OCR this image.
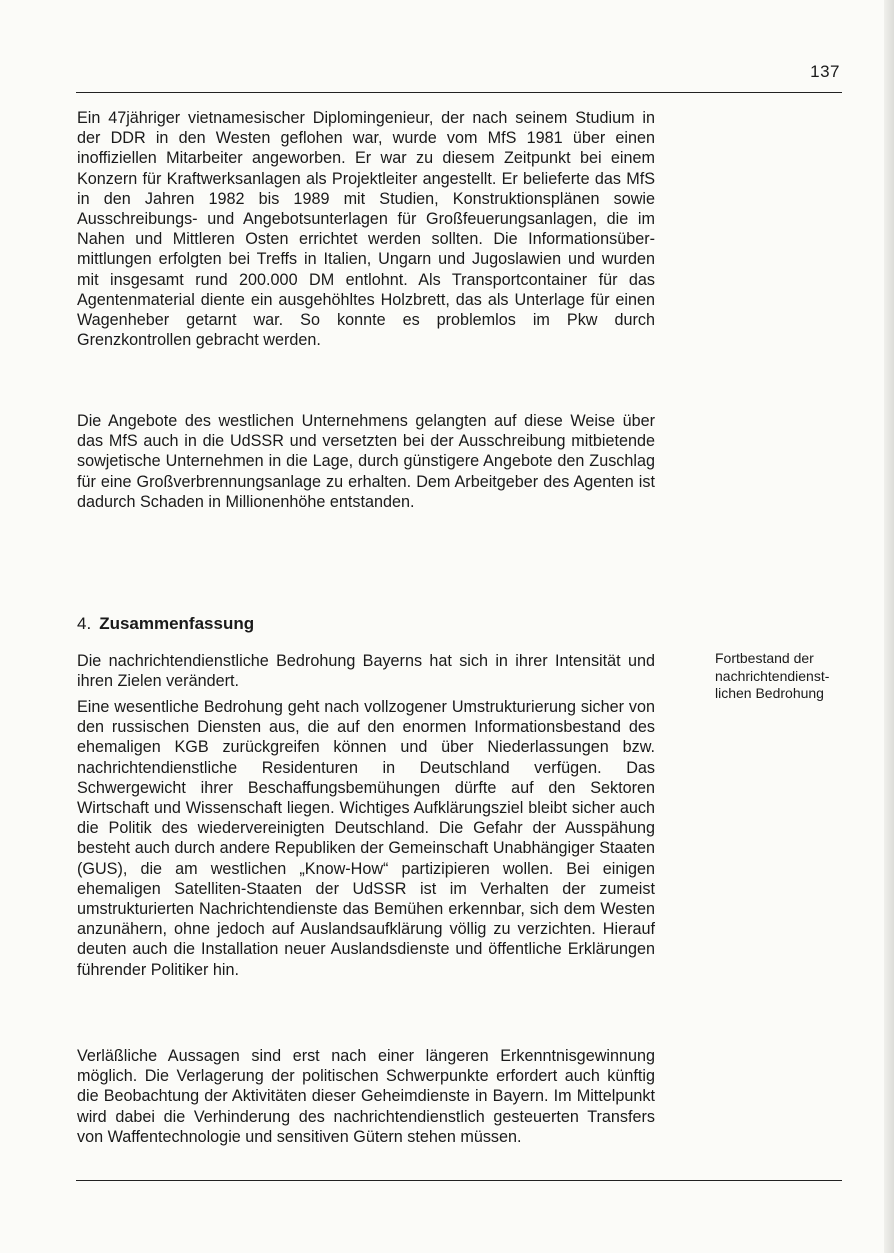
137

Ein 47jähriger vietnamesischer Diplomingenieur, der nach seinem Studium in der DDR in den Westen geflohen war, wurde vom MfS 1981 über einen inoffiziellen Mitarbeiter angeworben. Er war zu diesem Zeitpunkt bei einem Konzern für Kraftwerksanlagen als Projektleiter angestellt. Er belieferte das MfS in den Jahren 1982 bis 1989 mit Studien, Konstruktionsplänen sowie Ausschreibungs- und Angebotsunterlagen für Großfeuerungsanlagen, die im Nahen und Mittleren Osten errichtet werden sollten. Die Informationsübermittlungen erfolgten bei Treffs in Italien, Ungarn und Jugoslawien und wurden mit insgesamt rund 200.000 DM entlohnt. Als Transportcontainer für das Agentenmaterial diente ein ausgehöhltes Holzbrett, das als Unterlage für einen Wagenheber getarnt war. So konnte es problemlos im Pkw durch Grenzkontrollen gebracht werden.

Die Angebote des westlichen Unternehmens gelangten auf diese Weise über das MfS auch in die UdSSR und versetzten bei der Ausschreibung mitbietende sowjetische Unternehmen in die Lage, durch günstigere Angebote den Zuschlag für eine Großverbrennungsanlage zu erhalten. Dem Arbeitgeber des Agenten ist dadurch Schaden in Millionenhöhe entstanden.

4. Zusammenfassung

Die nachrichtendienstliche Bedrohung Bayerns hat sich in ihrer Intensität und ihren Zielen verändert.

Eine wesentliche Bedrohung geht nach vollzogener Umstrukturierung sicher von den russischen Diensten aus, die auf den enormen Informationsbestand des ehemaligen KGB zurückgreifen können und über Niederlassungen bzw. nachrichtendienstliche Residenturen in Deutschland verfügen. Das Schwergewicht ihrer Beschaffungsbemühungen dürfte auf den Sektoren Wirtschaft und Wissenschaft liegen. Wichtiges Aufklärungsziel bleibt sicher auch die Politik des wiedervereinigten Deutschland. Die Gefahr der Ausspähung besteht auch durch andere Republiken der Gemeinschaft Unabhängiger Staaten (GUS), die am westlichen „Know-How“ partizipieren wollen. Bei einigen ehemaligen Satelliten-Staaten der UdSSR ist im Verhalten der zumeist umstrukturierten Nachrichtendienste das Bemühen erkennbar, sich dem Westen anzunähern, ohne jedoch auf Auslandsaufklärung völlig zu verzichten. Hierauf deuten auch die Installation neuer Auslandsdienste und öffentliche Erklärungen führender Politiker hin.

Verläßliche Aussagen sind erst nach einer längeren Erkenntnisgewinnung möglich. Die Verlagerung der politischen Schwerpunkte erfordert auch künftig die Beobachtung der Aktivitäten dieser Geheimdienste in Bayern. Im Mittelpunkt wird dabei die Verhinderung des nachrichtendienstlich gesteuerten Transfers von Waffentechnologie und sensitiven Gütern stehen müssen.

Fortbestand der
nachrichtendienst-
lichen Bedrohung
